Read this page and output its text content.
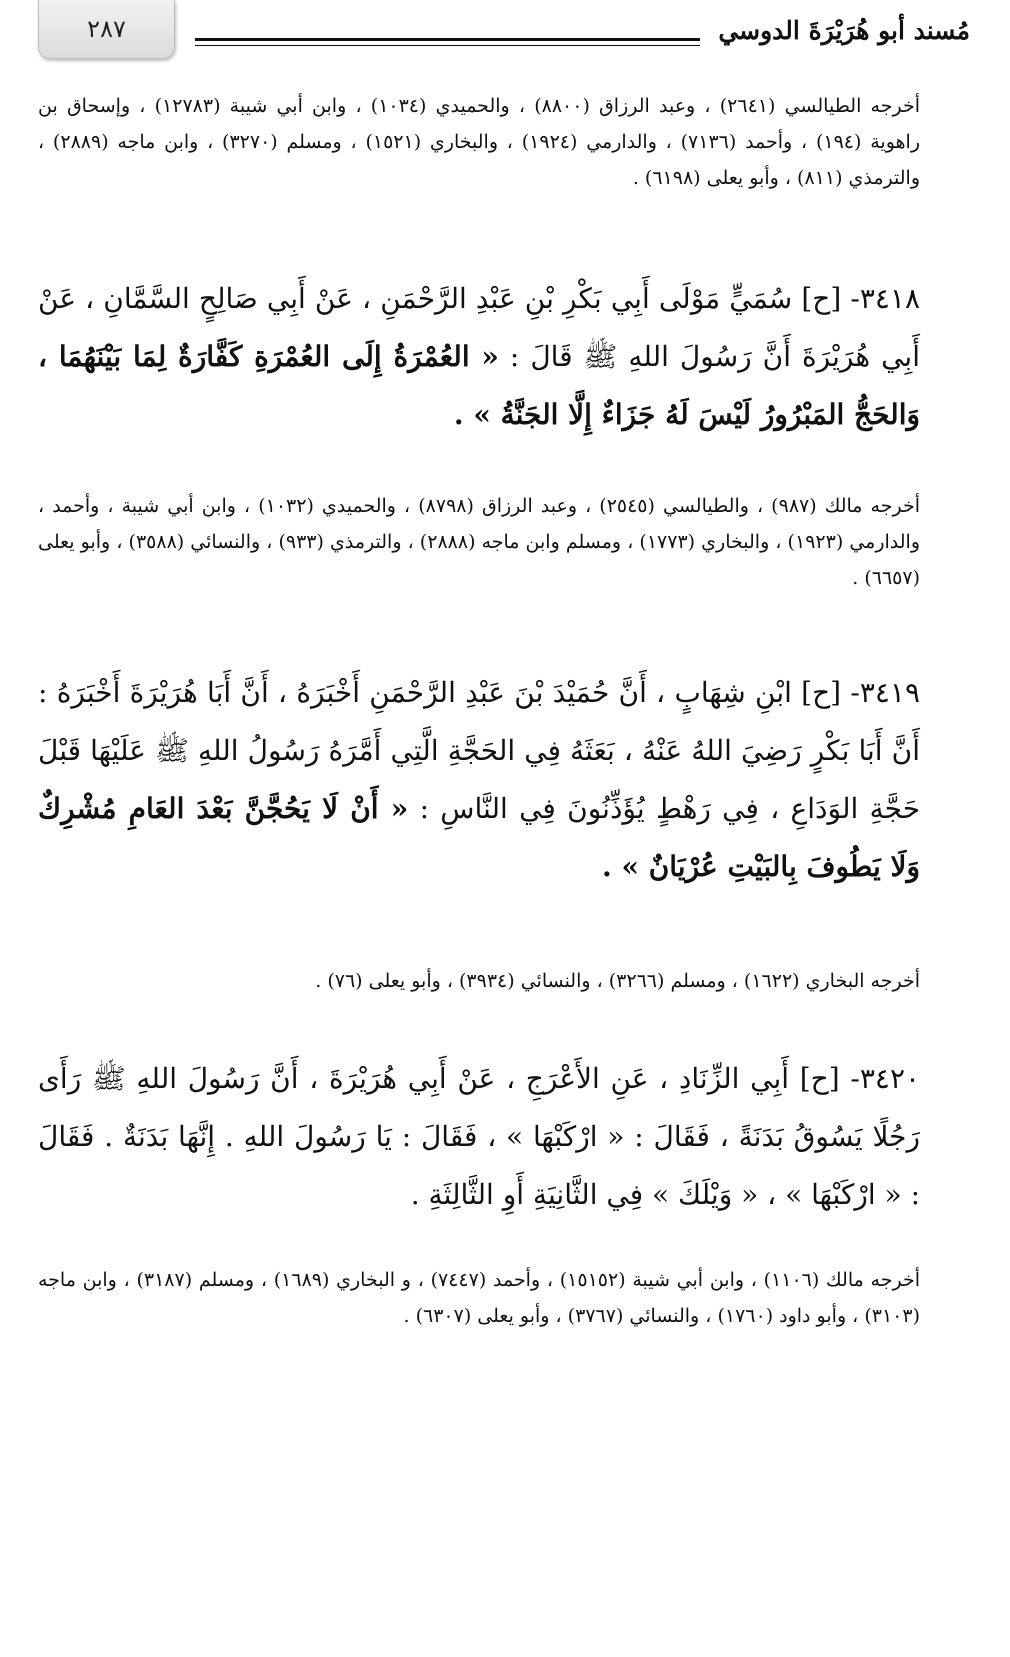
مُسند أبو هُرَيْرَةَ الدوسي
٢٨٧
أخرجه الطيالسي (٢٦٤١) ، وعبد الرزاق (٨٨٠٠) ، والحميدي (١٠٣٤) ، وابن أبي شيبة (١٢٧٨٣) ، وإسحاق بن راهوية (١٩٤) ، وأحمد (٧١٣٦) ، والدارمي (١٩٢٤) ، والبخاري (١٥٢١) ، ومسلم (٣٢٧٠) ، وابن ماجه (٢٨٨٩) ، والترمذي (٨١١) ، وأبو يعلى (٦١٩٨) .
٣٤١٨- [ح] سُمَيٍّ مَوْلَى أَبِي بَكْرِ بْنِ عَبْدِ الرَّحْمَنِ ، عَنْ أَبِي صَالِحٍ السَّمَّانِ ، عَنْ أَبِي هُرَيْرَةَ أَنَّ رَسُولَ اللهِ ﷺ قَالَ : « العُمْرَةُ إِلَى العُمْرَةِ كَفَّارَةٌ لِمَا بَيْنَهُمَا ، وَالحَجُّ المَبْرُورُ لَيْسَ لَهُ جَزَاءٌ إِلَّا الجَنَّةُ » .
أخرجه مالك (٩٨٧) ، والطيالسي (٢٥٤٥) ، وعبد الرزاق (٨٧٩٨) ، والحميدي (١٠٣٢) ، وابن أبي شيبة ، وأحمد ، والدارمي (١٩٢٣) ، والبخاري (١٧٧٣) ، ومسلم وابن ماجه (٢٨٨٨) ، والترمذي (٩٣٣) ، والنسائي (٣٥٨٨) ، وأبو يعلى (٦٦٥٧) .
٣٤١٩- [ح] ابْنِ شِهَابٍ ، أَنَّ حُمَيْدَ بْنَ عَبْدِ الرَّحْمَنِ أَخْبَرَهُ ، أَنَّ أَبَا هُرَيْرَةَ أَخْبَرَهُ : أَنَّ أَبَا بَكْرٍ رَضِيَ اللهُ عَنْهُ ، بَعَثَهُ فِي الحَجَّةِ الَّتِي أَمَّرَهُ رَسُولُ اللهِ ﷺ عَلَيْهَا قَبْلَ حَجَّةِ الوَدَاعِ ، فِي رَهْطٍ يُؤَذِّنُونَ فِي النَّاسِ : « أَنْ لَا يَحُجَّنَّ بَعْدَ العَامِ مُشْرِكٌ وَلَا يَطُوفَ بِالبَيْتِ عُرْيَانٌ » .
أخرجه البخاري (١٦٢٢) ، ومسلم (٣٢٦٦) ، والنسائي (٣٩٣٤) ، وأبو يعلى (٧٦) .
٣٤٢٠- [ح] أَبِي الزِّنَادِ ، عَنِ الأَعْرَجِ ، عَنْ أَبِي هُرَيْرَةَ ، أَنَّ رَسُولَ اللهِ ﷺ رَأَى رَجُلًا يَسُوقُ بَدَنَةً ، فَقَالَ : « ارْكَبْهَا » ، فَقَالَ : يَا رَسُولَ اللهِ . إِنَّهَا بَدَنَةٌ . فَقَالَ : « ارْكَبْهَا » ، « وَيْلَكَ » فِي الثَّانِيَةِ أَوِ الثَّالِثَةِ .
أخرجه مالك (١١٠٦) ، وابن أبي شيبة (١٥١٥٢) ، وأحمد (٧٤٤٧) ، و البخاري (١٦٨٩) ، ومسلم (٣١٨٧) ، وابن ماجه (٣١٠٣) ، وأبو داود (١٧٦٠) ، والنسائي (٣٧٦٧) ، وأبو يعلى (٦٣٠٧) .
